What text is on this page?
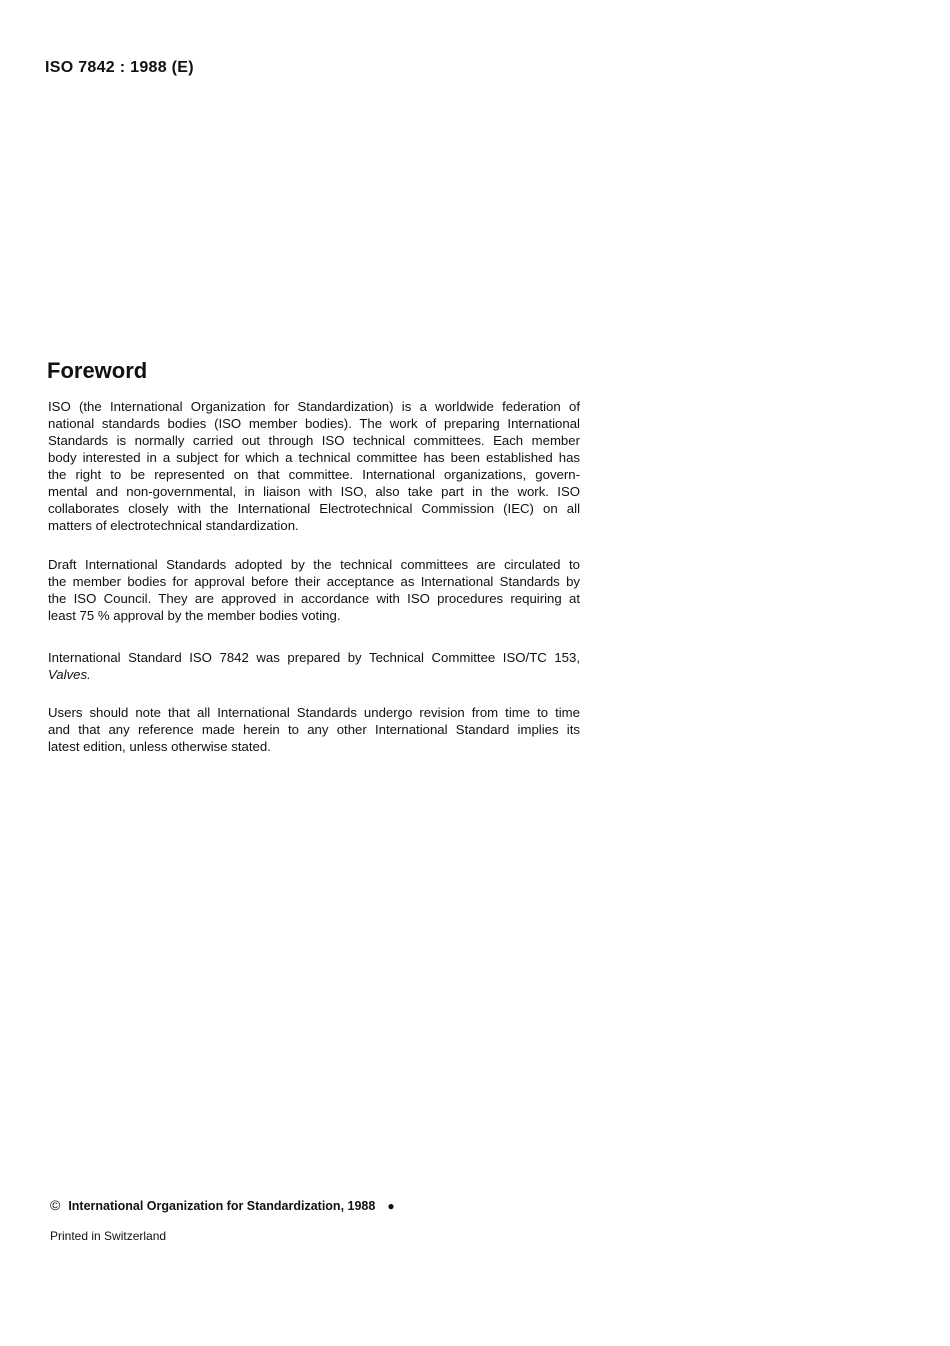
ISO 7842 : 1988 (E)

Foreword
ISO (the International Organization for Standardization) is a worldwide federation of
national standards bodies (ISO member bodies). The work of preparing International
Standards is normally carried out through ISO technical committees. Each member
body interested in a subject for which a technical committee has been established has
the right to be represented on that committee. International organizations, govern-
mental and non-governmental, in liaison with ISO, also take part in the work. ISO
collaborates closely with the International Electrotechnical Commission (IEC) on all
matters of electrotechnical standardization.
Draft International Standards adopted by the technical committees are circulated to
the member bodies for approval before their acceptance as International Standards by
the ISO Council. They are approved in accordance with ISO procedures requiring at
least 75 % approval by the member bodies voting.
International Standard ISO 7842 was prepared by Technical Committee ISO/TC 153,
Valves.
Users should note that all International Standards undergo revision from time to time
and that any reference made herein to any other International Standard implies its
latest edition, unless otherwise stated.

© International Organization for Standardization, 1988 ●

Printed in Switzerland
